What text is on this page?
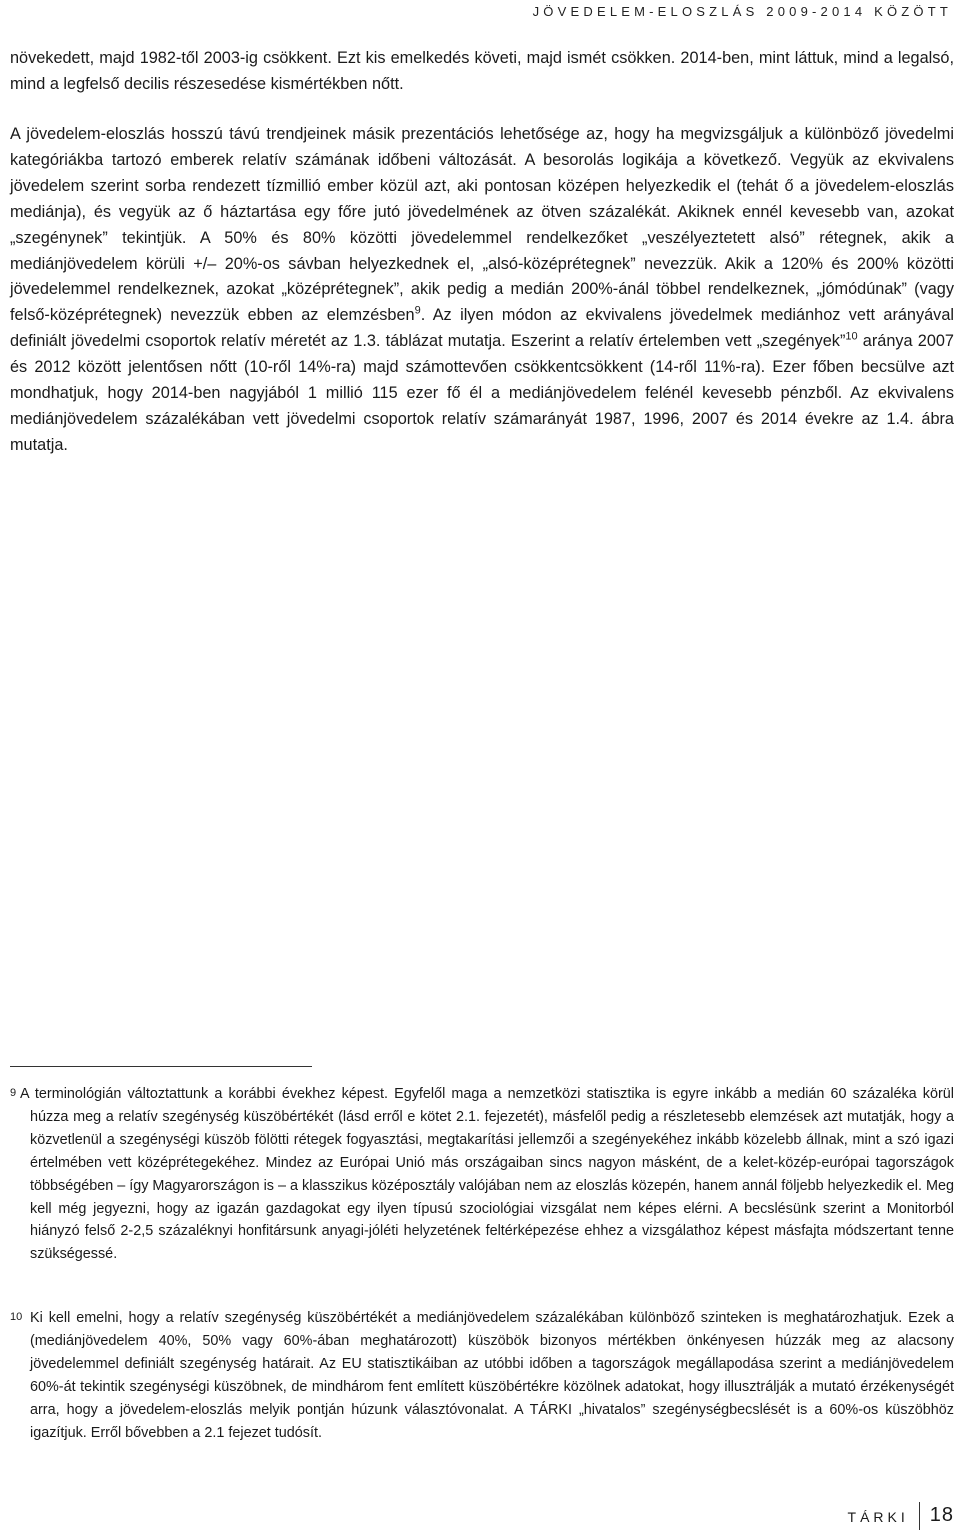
JÖVEDELEM-ELOSZLÁS 2009-2014 KÖZÖTT

növekedett, majd 1982-től 2003-ig csökkent. Ezt kis emelkedés követi, majd ismét csökken. 2014-ben, mint láttuk, mind a legalsó, mind a legfelső decilis részesedése kismértékben nőtt.

A jövedelem-eloszlás hosszú távú trendjeinek másik prezentációs lehetősége az, hogy ha megvizsgáljuk a különböző jövedelmi kategóriákba tartozó emberek relatív számának időbeni változását. A besorolás logikája a következő. Vegyük az ekvivalens jövedelem szerint sorba rendezett tízmillió ember közül azt, aki pontosan középen helyezkedik el (tehát ő a jövedelem-eloszlás mediánja), és vegyük az ő háztartása egy főre jutó jövedelmének az ötven százalékát. Akiknek ennél kevesebb van, azokat „szegénynek” tekintjük. A 50% és 80% közötti jövedelemmel rendelkezőket „veszélyeztetett alsó” rétegnek, akik a mediánjövedelem körüli +/– 20%-os sávban helyezkednek el, „alsó-középrétegnek” nevezzük. Akik a 120% és 200% közötti jövedelemmel rendelkeznek, azokat „középrétegnek”, akik pedig a medián 200%-ánál többel rendelkeznek, „jómódúnak” (vagy felső-középrétegnek) nevezzük ebben az elemzésben$^9$. Az ilyen módon az ekvivalens jövedelmek mediánhoz vett arányával definiált jövedelmi csoportok relatív méretét az 1.3. táblázat mutatja. Eszerint a relatív értelemben vett „szegények”$^{10}$ aránya 2007 és 2012 között jelentősen nőtt (10-ről 14%-ra) majd számottevően csökkentcsökkent (14-ről 11%-ra). Ezer főben becsülve azt mondhatjuk, hogy 2014-ben nagyjából 1 millió 115 ezer fő él a mediánjövedelem felénél kevesebb pénzből. Az ekvivalens mediánjövedelem százalékában vett jövedelmi csoportok relatív számarányát 1987, 1996, 2007 és 2014 évekre az 1.4. ábra mutatja.

9 A terminológián változtattunk a korábbi évekhez képest. Egyfelől maga a nemzetközi statisztika is egyre inkább a medián 60 százaléka körül húzza meg a relatív szegénység küszöbértékét (lásd erről e kötet 2.1. fejezetét), másfelől pedig a részletesebb elemzések azt mutatják, hogy a közvetlenül a szegénységi küszöb fölötti rétegek fogyasztási, megtakarítási jellemzői a szegényekéhez inkább közelebb állnak, mint a szó igazi értelmében vett középrétegekéhez. Mindez az Európai Unió más országaiban sincs nagyon másként, de a kelet-közép-európai tagországok többségében – így Magyarországon is – a klasszikus középosztály valójában nem az eloszlás közepén, hanem annál följebb helyezkedik el. Meg kell még jegyezni, hogy az igazán gazdagokat egy ilyen típusú szociológiai vizsgálat nem képes elérni. A becslésünk szerint a Monitorból hiányzó felső 2-2,5 százaléknyi honfitársunk anyagi-jóléti helyzetének feltérképezése ehhez a vizsgálathoz képest másfajta módszertant tenne szükségessé.
10 Ki kell emelni, hogy a relatív szegénység küszöbértékét a mediánjövedelem százalékában különböző szinteken is meghatározhatjuk. Ezek a (mediánjövedelem 40%, 50% vagy 60%-ában meghatározott) küszöbök bizonyos mértékben önkényesen húzzák meg az alacsony jövedelemmel definiált szegénység határait. Az EU statisztikáiban az utóbbi időben a tagországok megállapodása szerint a mediánjövedelem 60%-át tekintik szegénységi küszöbnek, de mindhárom fent említett küszöbértékre közölnek adatokat, hogy illusztrálják a mutató érzékenységét arra, hogy a jövedelem-eloszlás melyik pontján húzunk választóvonalat. A TÁRKI „hivatalos” szegénységbecslését is a 60%-os küszöbhöz igazítjuk. Erről bővebben a 2.1 fejezet tudósít.
TÁRKI	18
